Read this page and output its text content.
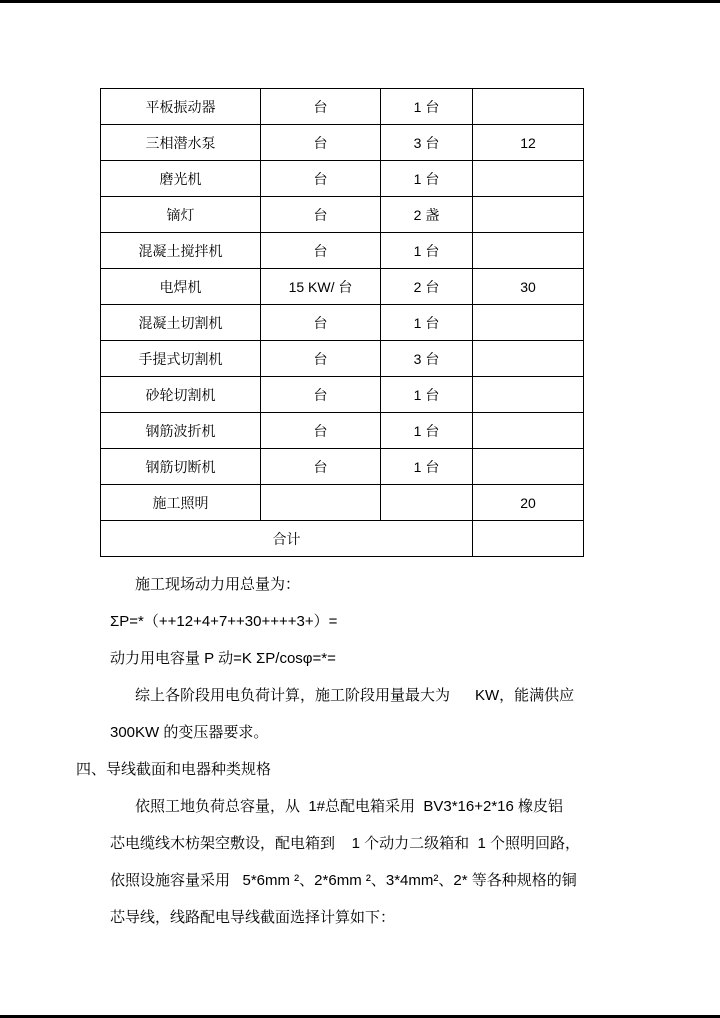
平板振动器	台	1 台	
三相潜水泵	台	3 台	12
磨光机	台	1 台	
镝灯	台	2 盏	
混凝土搅拌机	台	1 台	
电焊机	15 KW/ 台	2 台	30
混凝土切割机	台	1 台	
手提式切割机	台	3 台	
砂轮切割机	台	1 台	
钢筋波折机	台	1 台	
钢筋切断机	台	1 台	
施工照明			20
合计			
施工现场动力用总量为：
ΣP=*（++12+4+7++30++++3+）=
动力用电容量 P 动=K ΣP/cosφ=*=
综上各阶段用电负荷计算，施工阶段用量最大为      KW，能满供应
300KW 的变压器要求。
四、导线截面和电器种类规格
依照工地负荷总容量，从  1#总配电箱采用  BV3*16+2*16 橡皮铝
芯电缆线木枋架空敷设，配电箱到    1 个动力二级箱和  1 个照明回路，
依照设施容量采用   5*6mm ²、2*6mm ²、3*4mm²、2* 等各种规格的铜
芯导线，线路配电导线截面选择计算如下：
